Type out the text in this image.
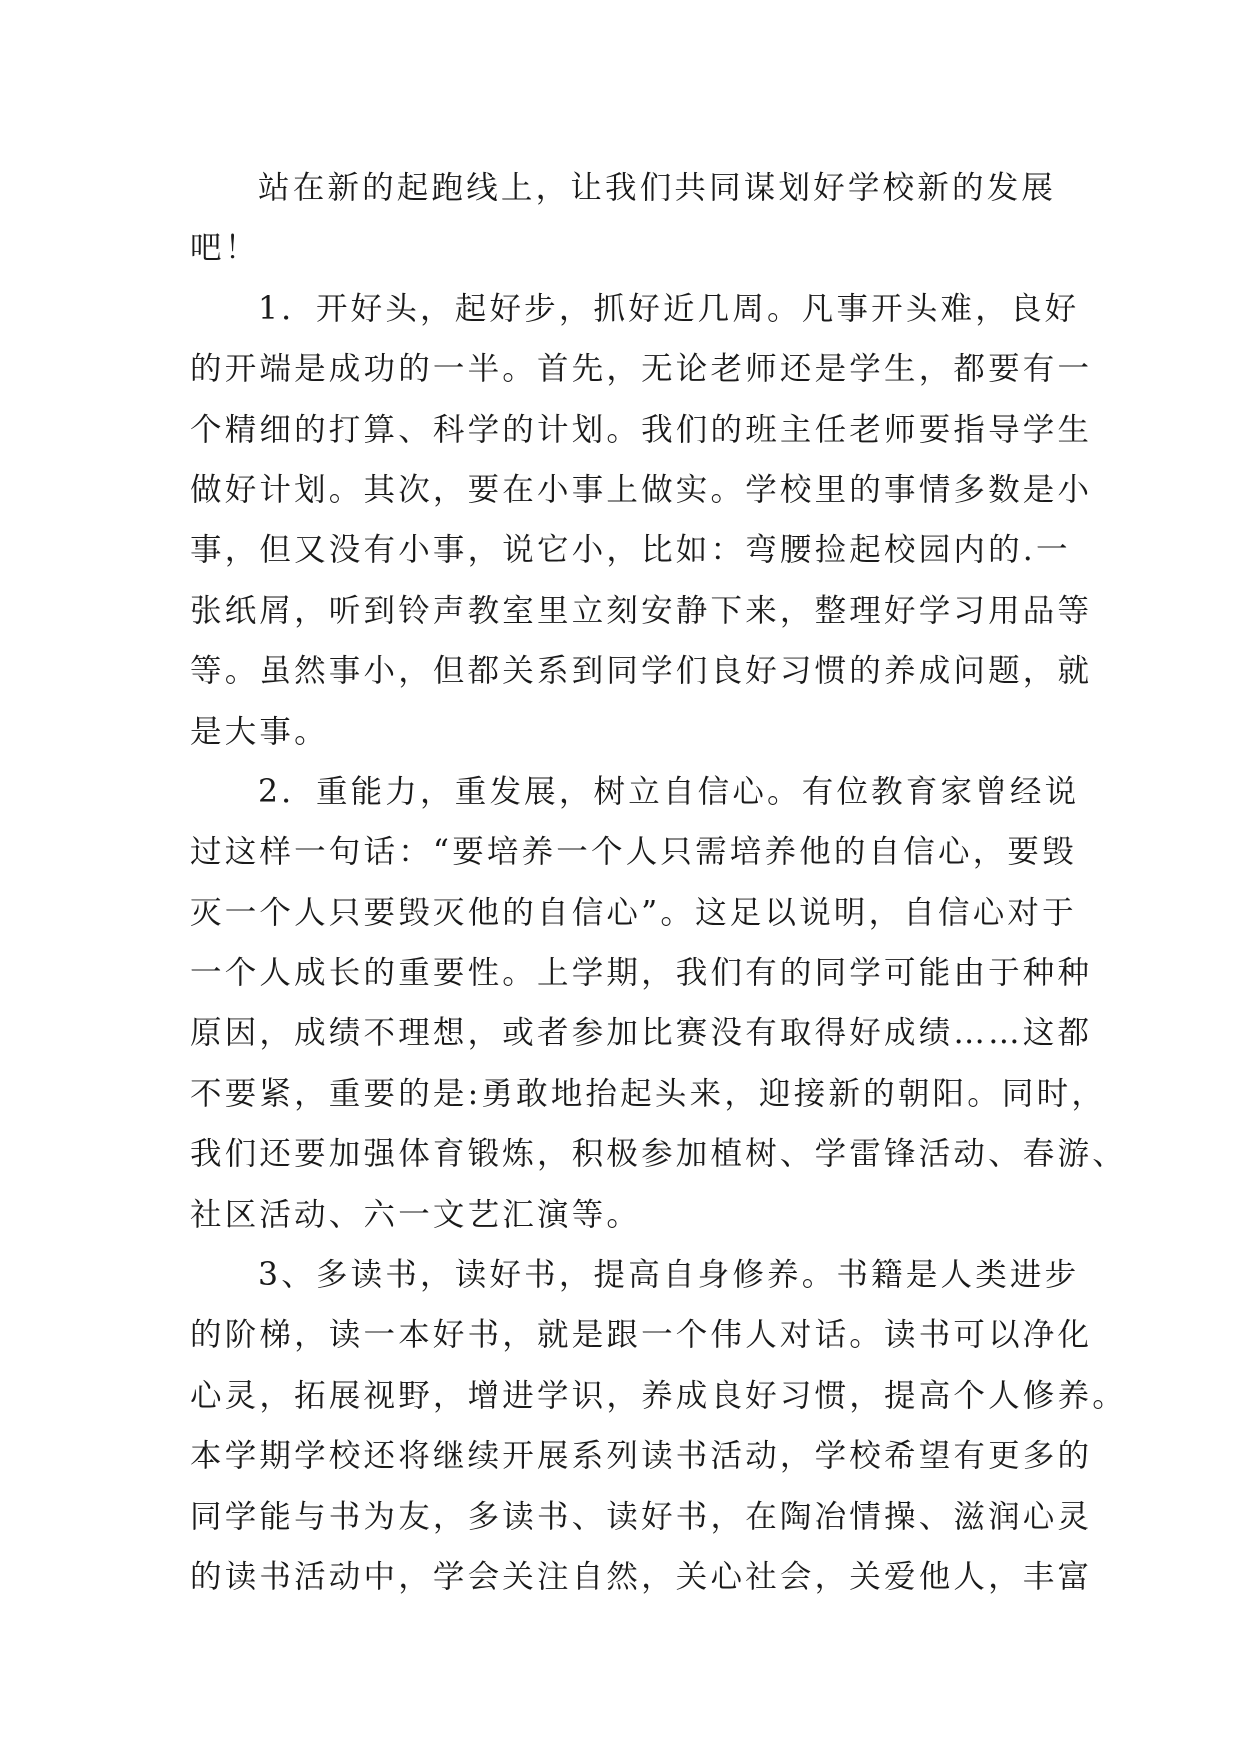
站在新的起跑线上，让我们共同谋划好学校新的发展
吧！
1．开好头，起好步，抓好近几周。凡事开头难，良好
的开端是成功的一半。首先，无论老师还是学生，都要有一
个精细的打算、科学的计划。我们的班主任老师要指导学生
做好计划。其次，要在小事上做实。学校里的事情多数是小
事，但又没有小事，说它小，比如：弯腰捡起校园内的.一
张纸屑，听到铃声教室里立刻安静下来，整理好学习用品等
等。虽然事小，但都关系到同学们良好习惯的养成问题，就
是大事。
2．重能力，重发展，树立自信心。有位教育家曾经说
过这样一句话：“要培养一个人只需培养他的自信心，要毁
灭一个人只要毁灭他的自信心”。这足以说明，自信心对于
一个人成长的重要性。上学期，我们有的同学可能由于种种
原因，成绩不理想，或者参加比赛没有取得好成绩……这都
不要紧，重要的是:勇敢地抬起头来，迎接新的朝阳。同时，
我们还要加强体育锻炼，积极参加植树、学雷锋活动、春游、
社区活动、六一文艺汇演等。
3、多读书，读好书，提高自身修养。书籍是人类进步
的阶梯，读一本好书，就是跟一个伟人对话。读书可以净化
心灵，拓展视野，增进学识，养成良好习惯，提高个人修养。
本学期学校还将继续开展系列读书活动，学校希望有更多的
同学能与书为友，多读书、读好书，在陶冶情操、滋润心灵
的读书活动中，学会关注自然，关心社会，关爱他人，丰富
